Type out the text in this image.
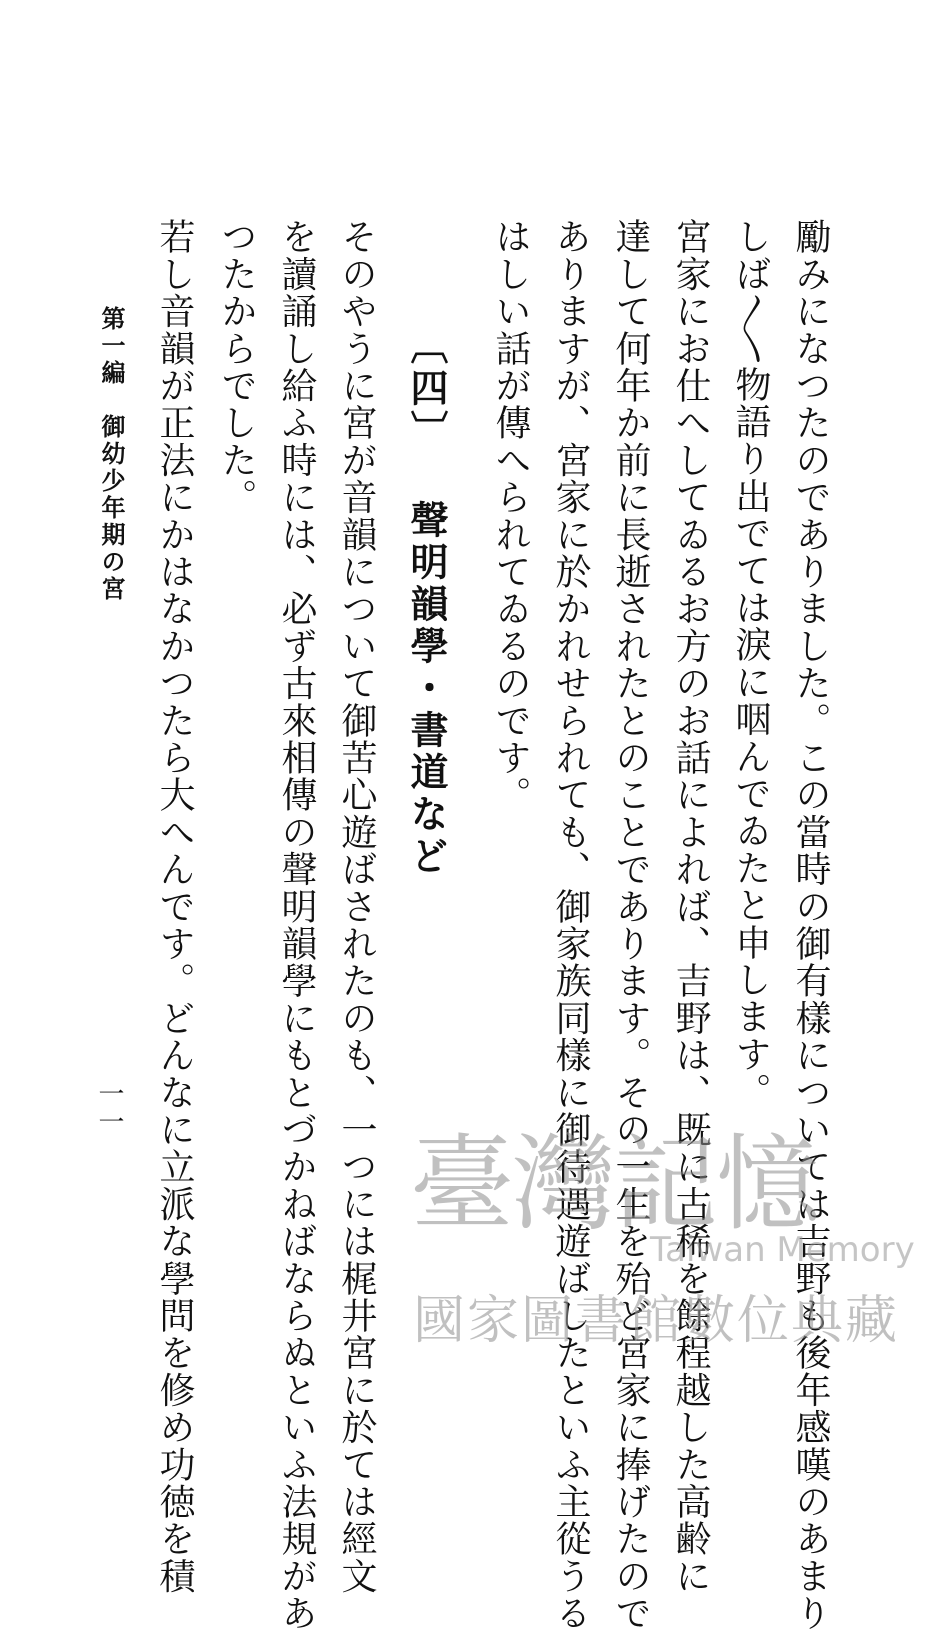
勵みになつたのでありました。この當時の御有樣については吉野も後年感嘆のあまり
しば〳〵物語り出でては淚に咽んでゐたと申します。
宮家にお仕へしてゐるお方のお話によれば、吉野は、既に古稀を餘程越した高齢に
達して何年か前に長逝されたとのことであります。その一生を殆ど宮家に捧げたので
ありますが、宮家に於かれせられても、御家族同樣に御待遇遊ばしたといふ主從うる
はしい話が傳へられてゐるのです。
〔四〕 聲明韻學・書道など
そのやうに宮が音韻について御苦心遊ばされたのも、一つには梶井宮に於ては經文
を讀誦し給ふ時には、必ず古來相傳の聲明韻學にもとづかねばならぬといふ法規があ
つたからでした。
若し音韻が正法にかはなかつたら大へんです。どんなに立派な學問を修め功徳を積
第一編　御幼少年期の宮
一一
臺灣記憶
Taiwan Memory
國家圖書館數位典藏
